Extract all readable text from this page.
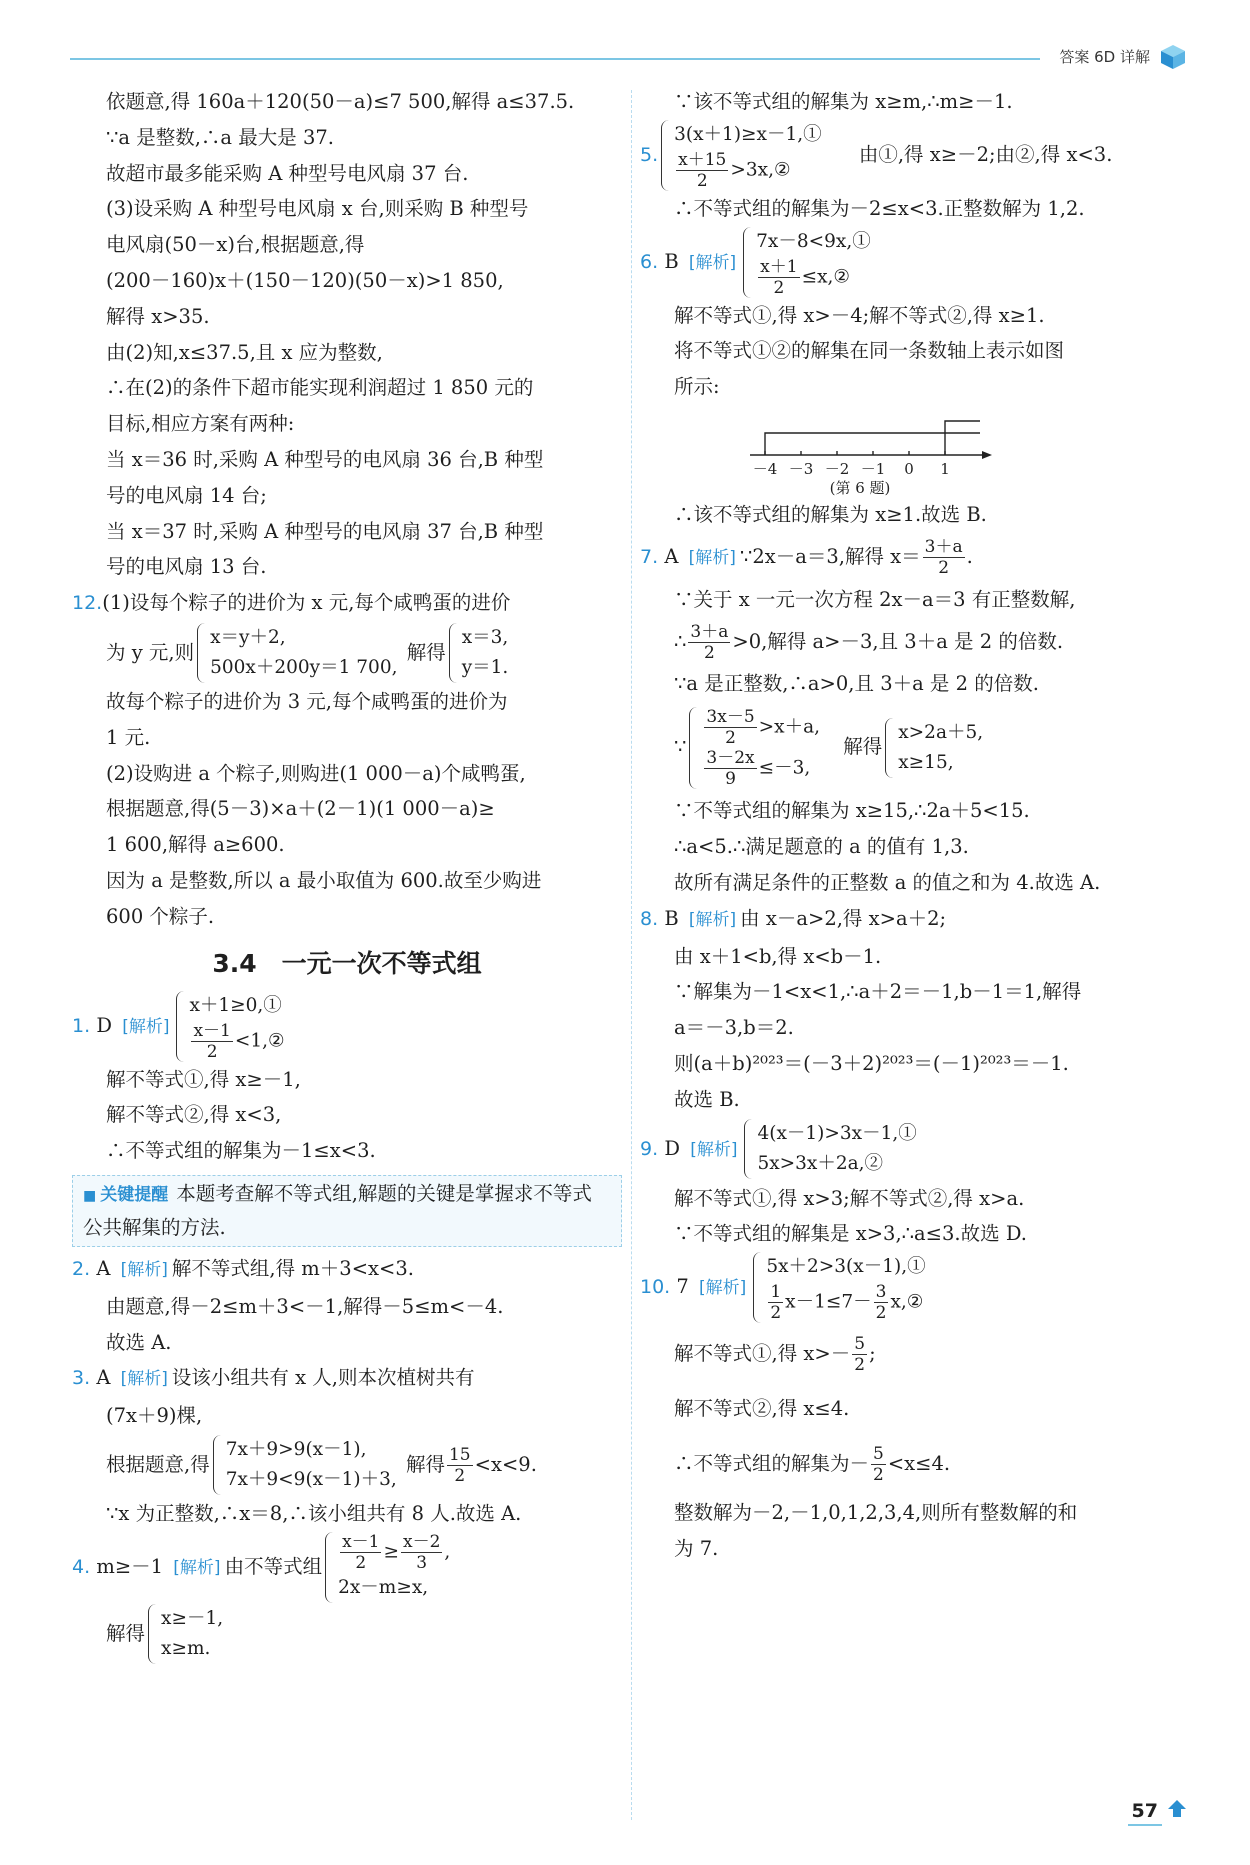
答案 6D 详解
依题意,得 160a＋120(50－a)≤7 500,解得 a≤37.5.
∵a 是整数,∴a 最大是 37.
故超市最多能采购 A 种型号电风扇 37 台.
(3)设采购 A 种型号电风扇 x 台,则采购 B 种型号
电风扇(50－x)台,根据题意,得
(200－160)x＋(150－120)(50－x)>1 850,
解得 x>35.
由(2)知,x≤37.5,且 x 应为整数,
∴在(2)的条件下超市能实现利润超过 1 850 元的
目标,相应方案有两种:
当 x＝36 时,采购 A 种型号的电风扇 36 台,B 种型
号的电风扇 14 台;
当 x＝37 时,采购 A 种型号的电风扇 37 台,B 种型
号的电风扇 13 台.
12.(1)设每个粽子的进价为 x 元,每个咸鸭蛋的进价
为 y 元,则
x＝y＋2,
500x＋200y＝1 700,
解得
x＝3,
y＝1.
故每个粽子的进价为 3 元,每个咸鸭蛋的进价为
1 元.
(2)设购进 a 个粽子,则购进(1 000－a)个咸鸭蛋,
根据题意,得(5－3)×a＋(2－1)(1 000－a)≥
1 600,解得 a≥600.
因为 a 是整数,所以 a 最小取值为 600.故至少购进
600 个粽子.
3.4　一元一次不等式组
1. D [解析]
x＋1≥0,①
$\frac{x-1}{2}$ <1,②
解不等式①,得 x≥－1,
解不等式②,得 x<3,
∴不等式组的解集为－1≤x<3.
■ 关键提醒 本题考查解不等式组,解题的关键是掌握求不等式公共解集的方法.
2. A [解析] 解不等式组,得 m＋3<x<3.
由题意,得－2≤m＋3<－1,解得－5≤m<－4.
故选 A.
3. A [解析] 设该小组共有 x 人,则本次植树共有
(7x＋9)棵,
根据题意,得
7x＋9>9(x－1),
7x＋9<9(x－1)＋3,
解得 $\frac{15}{2} <x<9$.
∵x 为正整数,∴x＝8,∴该小组共有 8 人.故选 A.
4. m≥－1 [解析] 由不等式组 $\frac{x-1}{2} \ge \frac{x-2}{3}$ ,
2x－m≥x,
解得
x≥－1,
x≥m.
∵该不等式组的解集为 x≥m,∴m≥－1.
5.
3(x＋1)≥x－1,①
$\frac{x+15}{2}$ >3x,②
由①,得 x≥－2;由②,得 x<3.
∴不等式组的解集为－2≤x<3.正整数解为 1,2.
6. B [解析]
7x－8<9x,①
$\frac{x+1}{2}$ ≤x,②
解不等式①,得 x>－4;解不等式②,得 x≥1.
将不等式①②的解集在同一条数轴上表示如图
所示:
－4 －3 －2 －1 0 1
(第 6 题)
∴该不等式组的解集为 x≥1.故选 B.
7. A [解析] ∵2x－a＝3,解得 $x= \frac{3+a}{2}$ .
∵关于 x 一元一次方程 2x－a＝3 有正整数解,
∴ $\frac{3+a}{2} >0$,解得 a>－3,且 3＋a 是 2 的倍数.
∵a 是正整数,∴a>0,且 3＋a 是 2 的倍数.
∵ $\frac{3x-5}{2} >x+a$,
$\frac{3-2x}{9} \le-3$,
解得
x>2a＋5,
x≥15,
∵不等式组的解集为 x≥15,∴2a＋5<15.
∴a<5.∴满足题意的 a 的值有 1,3.
故所有满足条件的正整数 a 的值之和为 4.故选 A.
8. B [解析] 由 x－a>2,得 x>a＋2;
由 x＋1<b,得 x<b－1.
∵解集为－1<x<1,∴a＋2＝－1,b－1＝1,解得
a＝－3,b＝2.
则(a＋b)²⁰²³＝(－3＋2)²⁰²³＝(－1)²⁰²³＝－1.
故选 B.
9. D [解析]
4(x－1)>3x－1,①
5x>3x＋2a,②
解不等式①,得 x>3;解不等式②,得 x>a.
∵不等式组的解集是 x>3,∴a≤3.故选 D.
10. 7 [解析]
5x＋2>3(x－1),①
$\frac{1}{2} x-1\le 7- \frac{3}{2}$ x,②
解不等式①,得 $x>- \frac{5}{2}$ ;
解不等式②,得 x≤4.
∴不等式组的解集为－ $\frac{5}{2} <x\le 4$.
整数解为－2,－1,0,1,2,3,4,则所有整数解的和
为 7.
57
